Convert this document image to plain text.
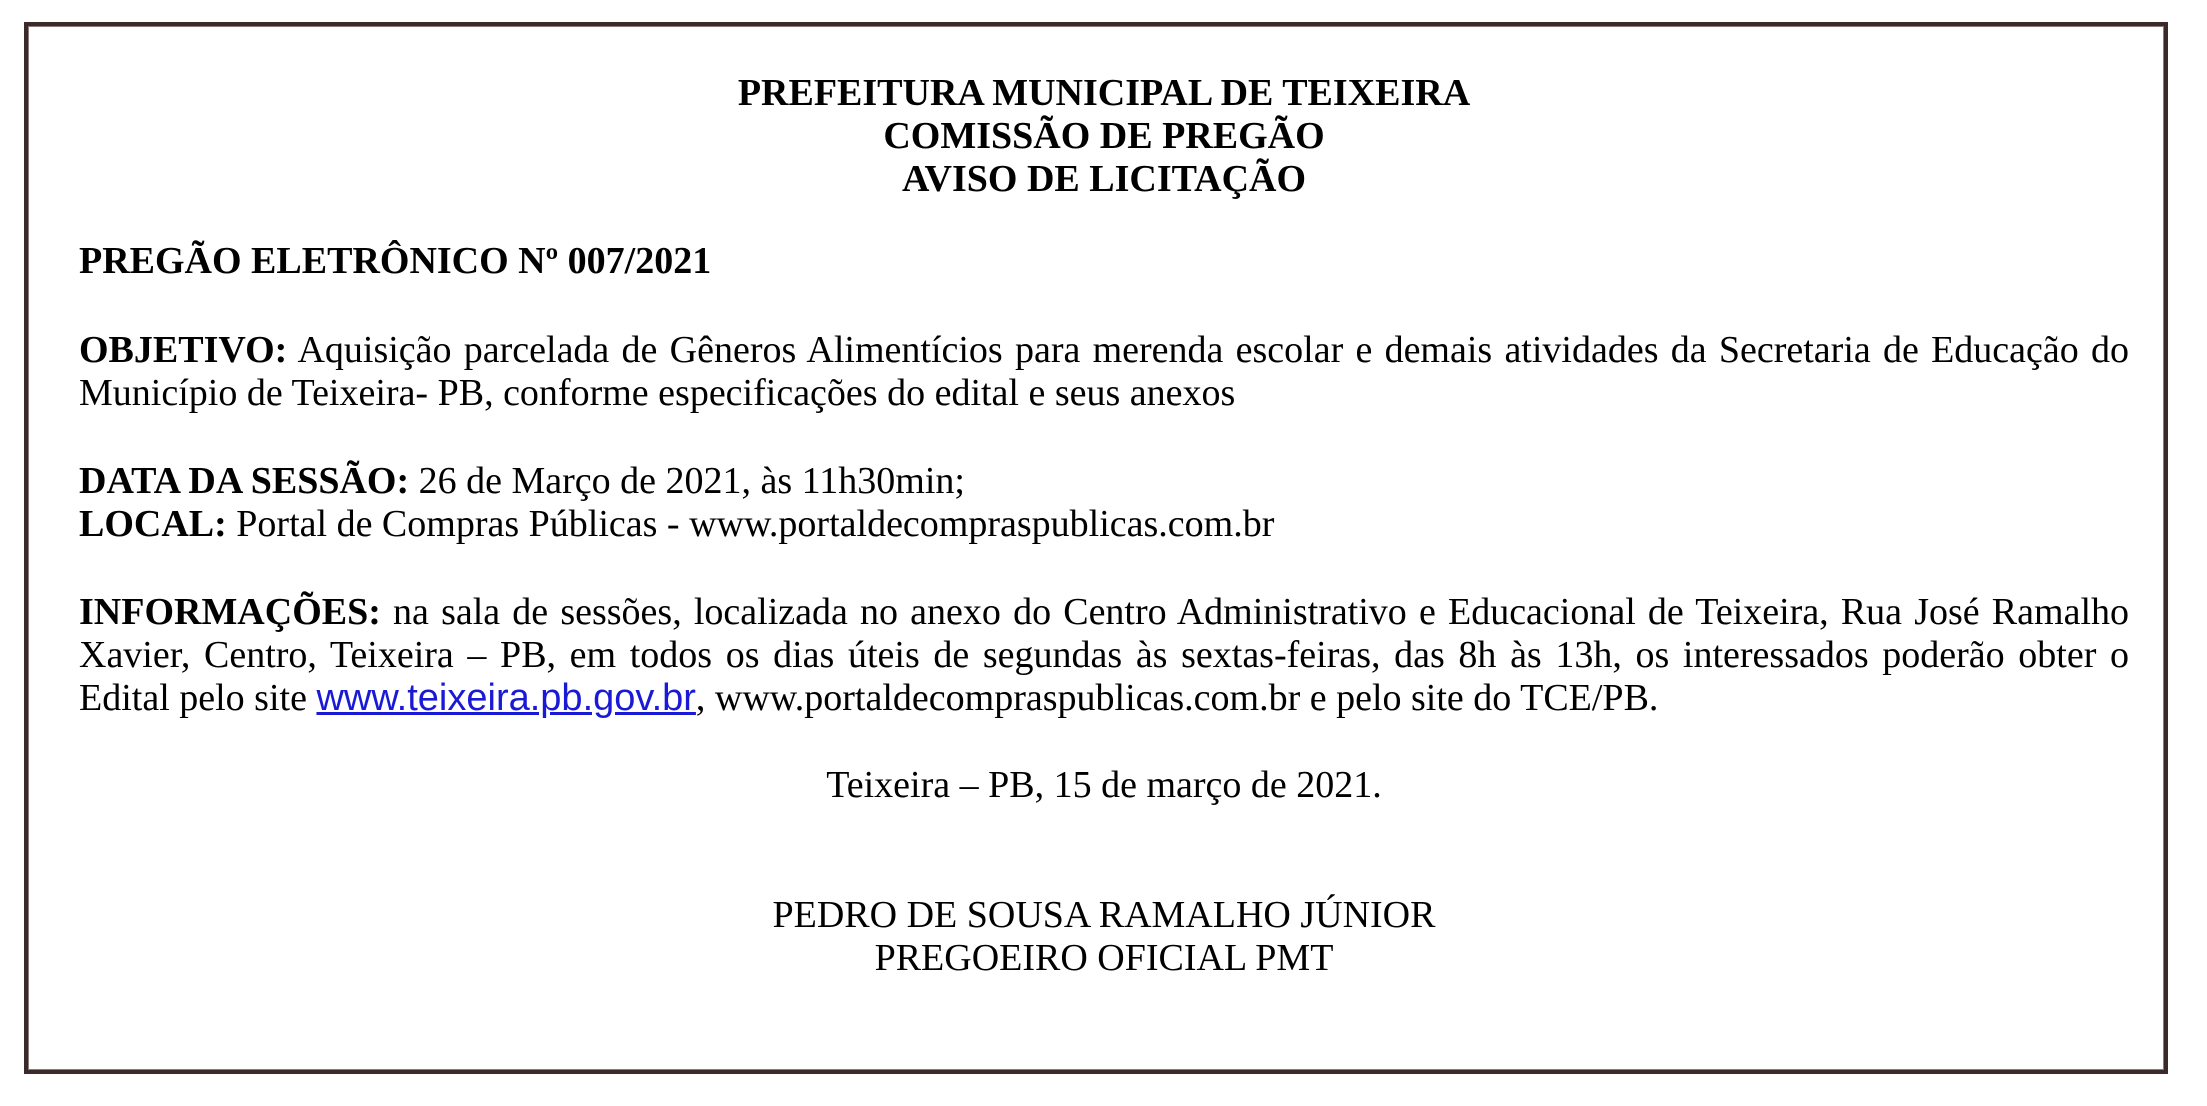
PREFEITURA MUNICIPAL DE TEIXEIRA
COMISSÃO DE PREGÃO
AVISO DE LICITAÇÃO

PREGÃO ELETRÔNICO Nº 007/2021

OBJETIVO: Aquisição parcelada de Gêneros Alimentícios para merenda escolar e demais atividades da Secretaria de Educação do Município de Teixeira- PB, conforme especificações do edital e seus anexos

DATA DA SESSÃO: 26 de Março de 2021, às 11h30min;

LOCAL: Portal de Compras Públicas - www.portaldecompraspublicas.com.br

INFORMAÇÕES: na sala de sessões, localizada no anexo do Centro Administrativo e Educacional de Teixeira, Rua José Ramalho Xavier, Centro, Teixeira – PB, em todos os dias úteis de segundas às sextas-feiras, das 8h às 13h, os interessados poderão obter o Edital pelo site www.teixeira.pb.gov.br, www.portaldecompraspublicas.com.br e pelo site do TCE/PB.

Teixeira – PB, 15 de março de 2021.

PEDRO DE SOUSA RAMALHO JÚNIOR
PREGOEIRO OFICIAL PMT
